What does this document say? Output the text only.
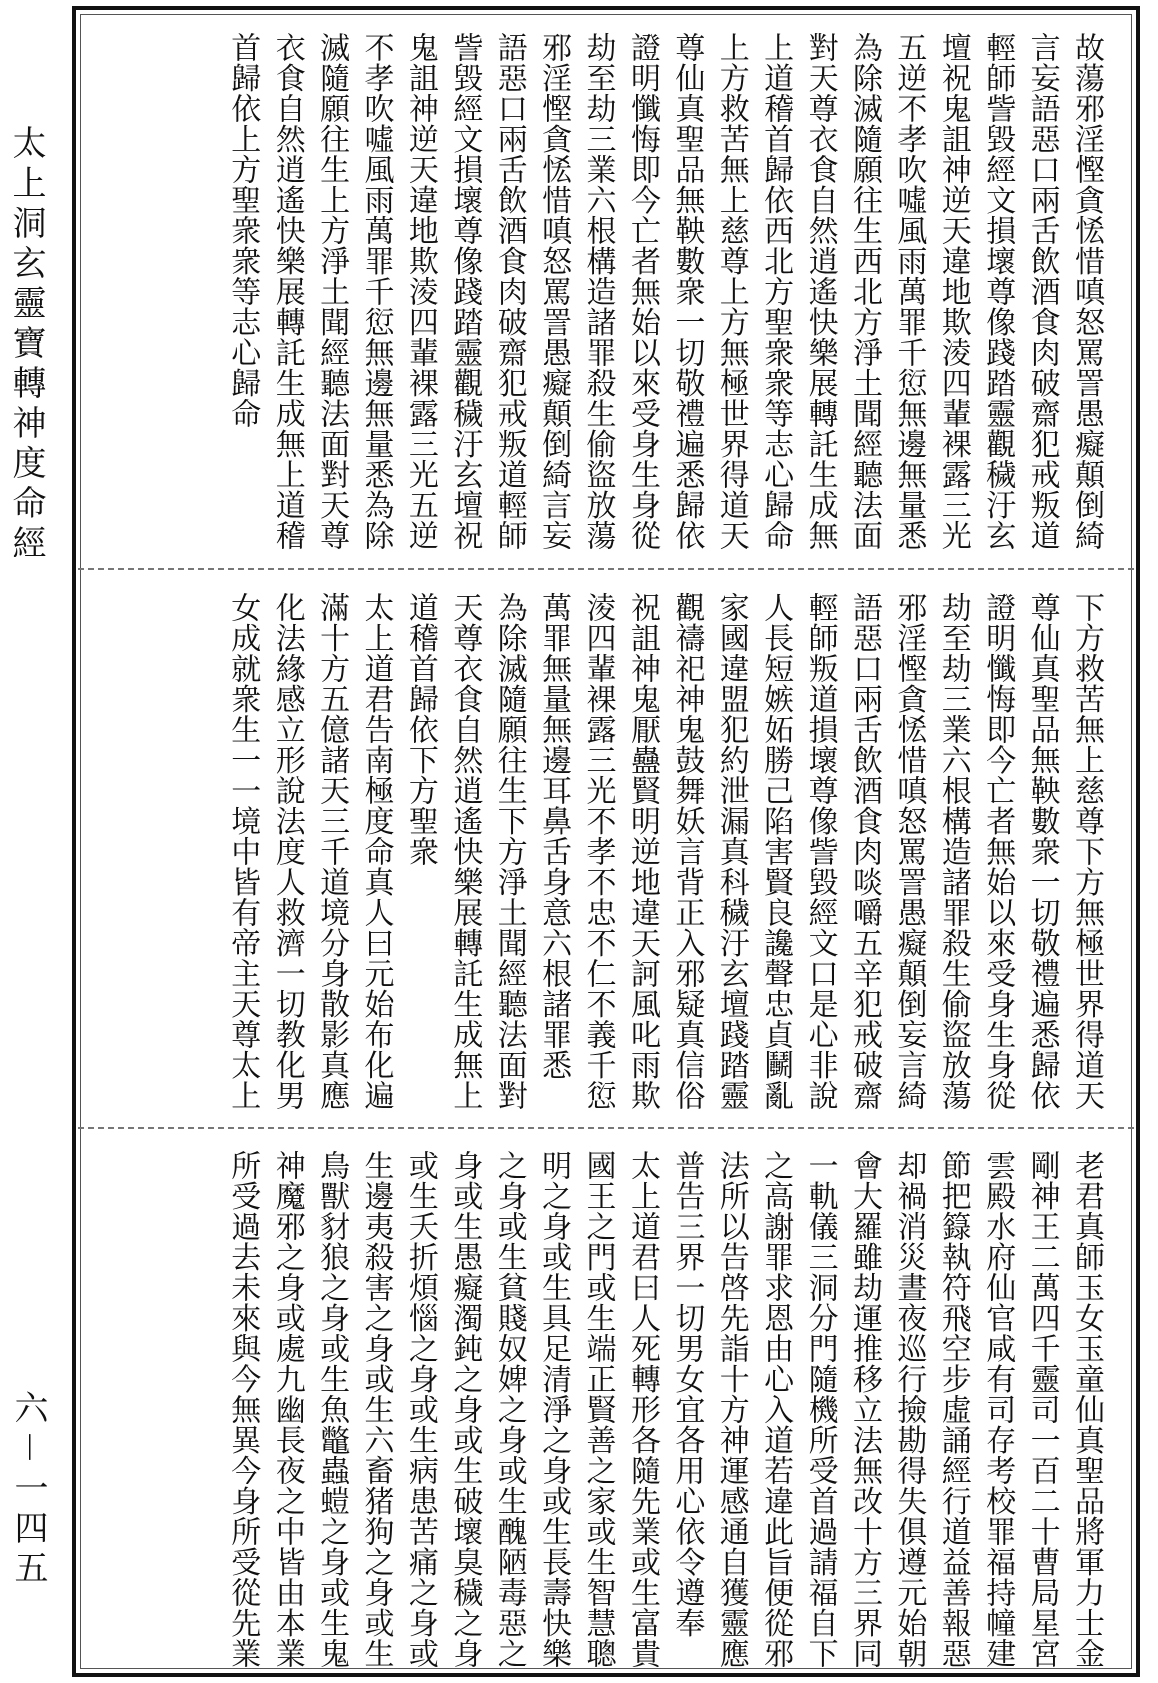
太上洞玄靈寶轉神度命經
六－一四五
故蕩邪淫慳貪恡惜嗔怒罵詈愚癡顛倒綺
言妄語惡口兩舌飲酒食肉破齋犯戒叛道
輕師訾毀經文損壞尊像踐踏靈觀穢汙玄
壇祝鬼詛神逆天違地欺淩四輩裸露三光
五逆不孝吹噓風雨萬罪千愆無邊無量悉
為除滅隨願往生西北方淨土聞經聽法面
對天尊衣食自然逍遙快樂展轉託生成無
上道稽首歸依西北方聖衆衆等志心歸命
上方救苦無上慈尊上方無極世界得道天
尊仙真聖品無鞅數衆一切敬禮遍悉歸依
證明懺悔即今亡者無始以來受身生身從
劫至劫三業六根構造諸罪殺生偷盜放蕩
邪淫慳貪恡惜嗔怒罵詈愚癡顛倒綺言妄
語惡口兩舌飲酒食肉破齋犯戒叛道輕師
訾毀經文損壞尊像踐踏靈觀穢汙玄壇祝
鬼詛神逆天違地欺淩四輩裸露三光五逆
不孝吹噓風雨萬罪千愆無邊無量悉為除
滅隨願往生上方淨土聞經聽法面對天尊
衣食自然逍遙快樂展轉託生成無上道稽
首歸依上方聖衆衆等志心歸命
下方救苦無上慈尊下方無極世界得道天
尊仙真聖品無鞅數衆一切敬禮遍悉歸依
證明懺悔即今亡者無始以來受身生身從
劫至劫三業六根構造諸罪殺生偷盜放蕩
邪淫慳貪恡惜嗔怒罵詈愚癡顛倒妄言綺
語惡口兩舌飲酒食肉啖嚼五辛犯戒破齋
輕師叛道損壞尊像訾毀經文口是心非說
人長短嫉妬勝己陷害賢良讒聲忠貞鬭亂
家國違盟犯約泄漏真科穢汙玄壇踐踏靈
觀禱祀神鬼鼓舞妖言背正入邪疑真信俗
祝詛神鬼厭蠱賢明逆地違天訶風叱雨欺
淩四輩裸露三光不孝不忠不仁不義千愆
萬罪無量無邊耳鼻舌身意六根諸罪悉
為除滅隨願往生下方淨土聞經聽法面對
天尊衣食自然逍遙快樂展轉託生成無上
道稽首歸依下方聖衆
太上道君告南極度命真人曰元始布化遍
滿十方五億諸天三千道境分身散影真應
化法緣感立形說法度人救濟一切教化男
女成就衆生一一境中皆有帝主天尊太上
老君真師玉女玉童仙真聖品將軍力士金
剛神王二萬四千靈司一百二十曹局星宮
雲殿水府仙官咸有司存考校罪福持幢建
節把籙執符飛空步虛誦經行道益善報惡
却禍消災晝夜巡行撿勘得失俱遵元始朝
會大羅雖劫運推移立法無改十方三界同
一軌儀三洞分門隨機所受首過請福自下
之高謝罪求恩由心入道若違此旨便從邪
法所以告啓先詣十方神運感通自獲靈應
普告三界一切男女宜各用心依令遵奉
太上道君曰人死轉形各隨先業或生富貴
國王之門或生端正賢善之家或生智慧聰
明之身或生具足清淨之身或生長壽快樂
之身或生貧賤奴婢之身或生醜陋毒惡之
身或生愚癡濁鈍之身或生破壞臭穢之身
或生夭折煩惱之身或生病患苦痛之身或
生邊夷殺害之身或生六畜猪狗之身或生
鳥獸豺狼之身或生魚鼈蟲螘之身或生鬼
神魔邪之身或處九幽長夜之中皆由本業
所受過去未來與今無異今身所受從先業
